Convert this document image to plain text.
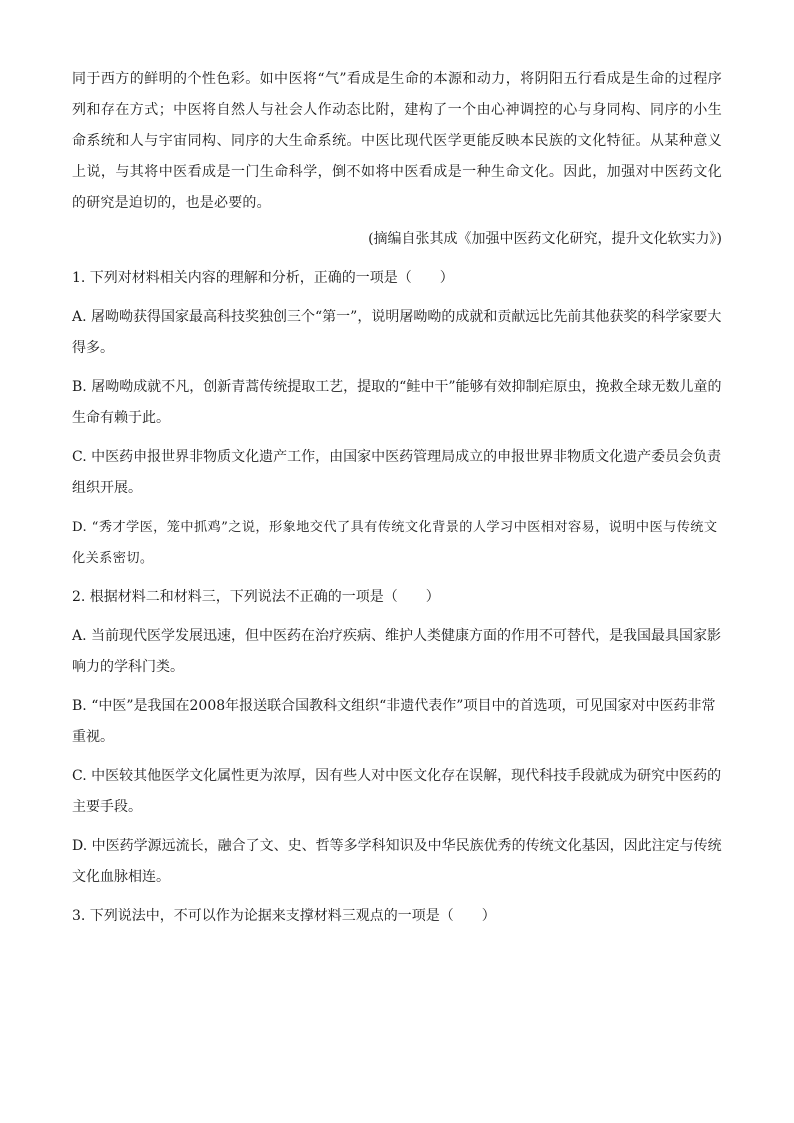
同于西方的鲜明的个性色彩。如中医将“气”看成是生命的本源和动力，将阴阳五行看成是生命的过程序列和存在方式；中医将自然人与社会人作动态比附，建构了一个由心神调控的心与身同构、同序的小生命系统和人与宇宙同构、同序的大生命系统。中医比现代医学更能反映本民族的文化特征。从某种意义上说，与其将中医看成是一门生命科学，倒不如将中医看成是一种生命文化。因此，加强对中医药文化的研究是迫切的，也是必要的。

(摘编自张其成《加强中医药文化研究，提升文化软实力》)
1. 下列对材料相关内容的理解和分析，正确的一项是（　　）
A. 屠呦呦获得国家最高科技奖独创三个“第一”，说明屠呦呦的成就和贡献远比先前其他获奖的科学家要大得多。
B. 屠呦呦成就不凡，创新青蒿传统提取工艺，提取的“鲑中干”能够有效抑制疟原虫，挽救全球无数儿童的生命有赖于此。
C. 中医药申报世界非物质文化遗产工作，由国家中医药管理局成立的申报世界非物质文化遗产委员会负责组织开展。
D. “秀才学医，笼中抓鸡”之说，形象地交代了具有传统文化背景的人学习中医相对容易，说明中医与传统文化关系密切。
2. 根据材料二和材料三，下列说法不正确的一项是（　　）
A. 当前现代医学发展迅速，但中医药在治疗疾病、维护人类健康方面的作用不可替代，是我国最具国家影响力的学科门类。
B. “中医”是我国在2008年报送联合国教科文组织“非遗代表作”项目中的首选项，可见国家对中医药非常重视。
C. 中医较其他医学文化属性更为浓厚，因有些人对中医文化存在误解，现代科技手段就成为研究中医药的主要手段。
D. 中医药学源远流长，融合了文、史、哲等多学科知识及中华民族优秀的传统文化基因，因此注定与传统文化血脉相连。
3. 下列说法中，不可以作为论据来支撑材料三观点的一项是（　　）
